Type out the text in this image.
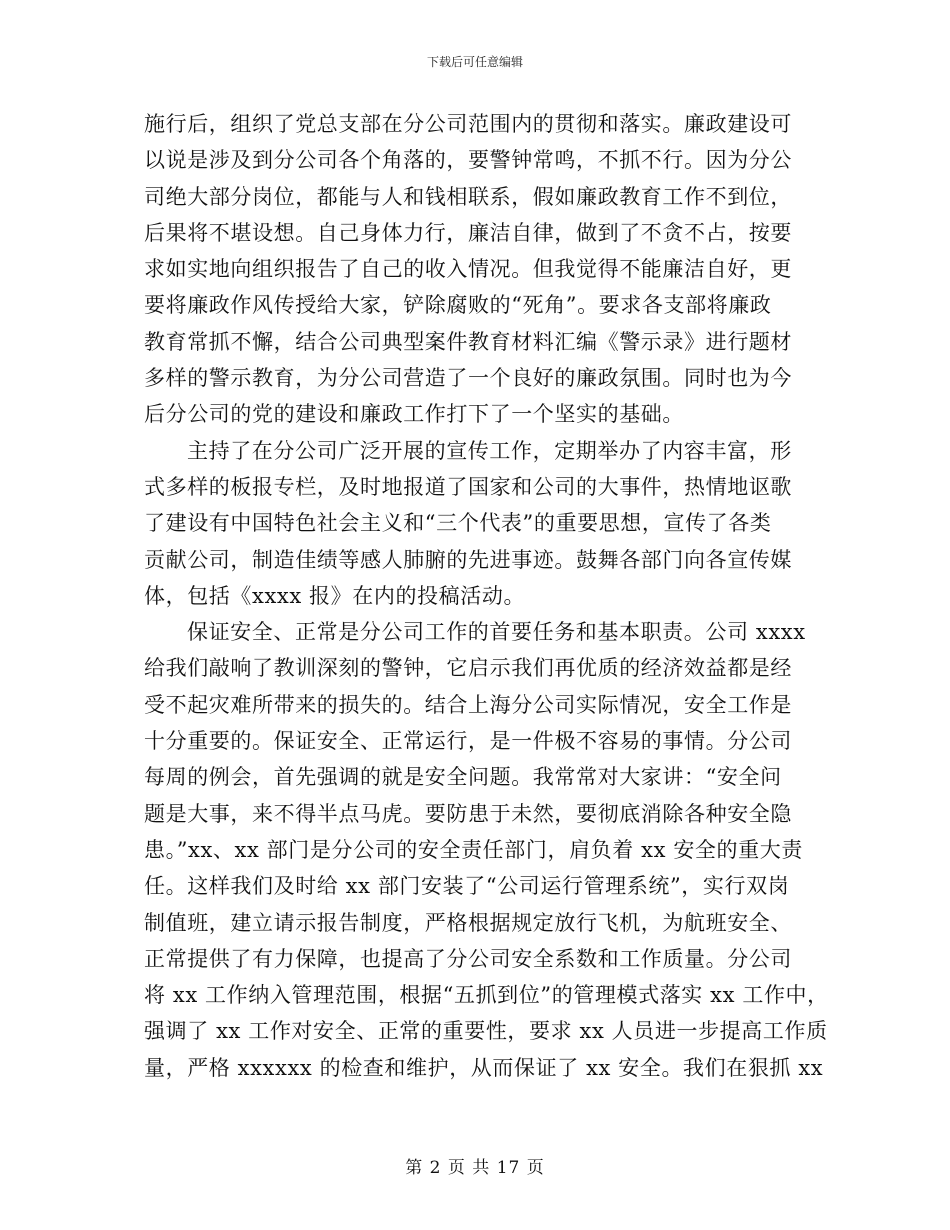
下载后可任意编辑
施行后，组织了党总支部在分公司范围内的贯彻和落实。廉政建设可
以说是涉及到分公司各个角落的，要警钟常鸣，不抓不行。因为分公
司绝大部分岗位，都能与人和钱相联系，假如廉政教育工作不到位，
后果将不堪设想。自己身体力行，廉洁自律，做到了不贪不占，按要
求如实地向组织报告了自己的收入情况。但我觉得不能廉洁自好，更
要将廉政作风传授给大家，铲除腐败的“死角”。要求各支部将廉政
教育常抓不懈，结合公司典型案件教育材料汇编《警示录》进行题材
多样的警示教育，为分公司营造了一个良好的廉政氛围。同时也为今
后分公司的党的建设和廉政工作打下了一个坚实的基础。
主持了在分公司广泛开展的宣传工作，定期举办了内容丰富，形
式多样的板报专栏，及时地报道了国家和公司的大事件，热情地讴歌
了建设有中国特色社会主义和“三个代表”的重要思想，宣传了各类
贡献公司，制造佳绩等感人肺腑的先进事迹。鼓舞各部门向各宣传媒
体，包括《xxxx 报》在内的投稿活动。
保证安全、正常是分公司工作的首要任务和基本职责。公司 xxxx
给我们敲响了教训深刻的警钟，它启示我们再优质的经济效益都是经
受不起灾难所带来的损失的。结合上海分公司实际情况，安全工作是
十分重要的。保证安全、正常运行，是一件极不容易的事情。分公司
每周的例会，首先强调的就是安全问题。我常常对大家讲：“安全问
题是大事，来不得半点马虎。要防患于未然，要彻底消除各种安全隐
患。”xx、xx 部门是分公司的安全责任部门，肩负着 xx 安全的重大责
任。这样我们及时给 xx 部门安装了“公司运行管理系统”，实行双岗
制值班，建立请示报告制度，严格根据规定放行飞机，为航班安全、
正常提供了有力保障，也提高了分公司安全系数和工作质量。分公司
将 xx 工作纳入管理范围，根据“五抓到位”的管理模式落实 xx 工作中，
强调了 xx 工作对安全、正常的重要性，要求 xx 人员进一步提高工作质
量，严格 xxxxxx 的检查和维护，从而保证了 xx 安全。我们在狠抓 xx
第 2 页 共 17 页
